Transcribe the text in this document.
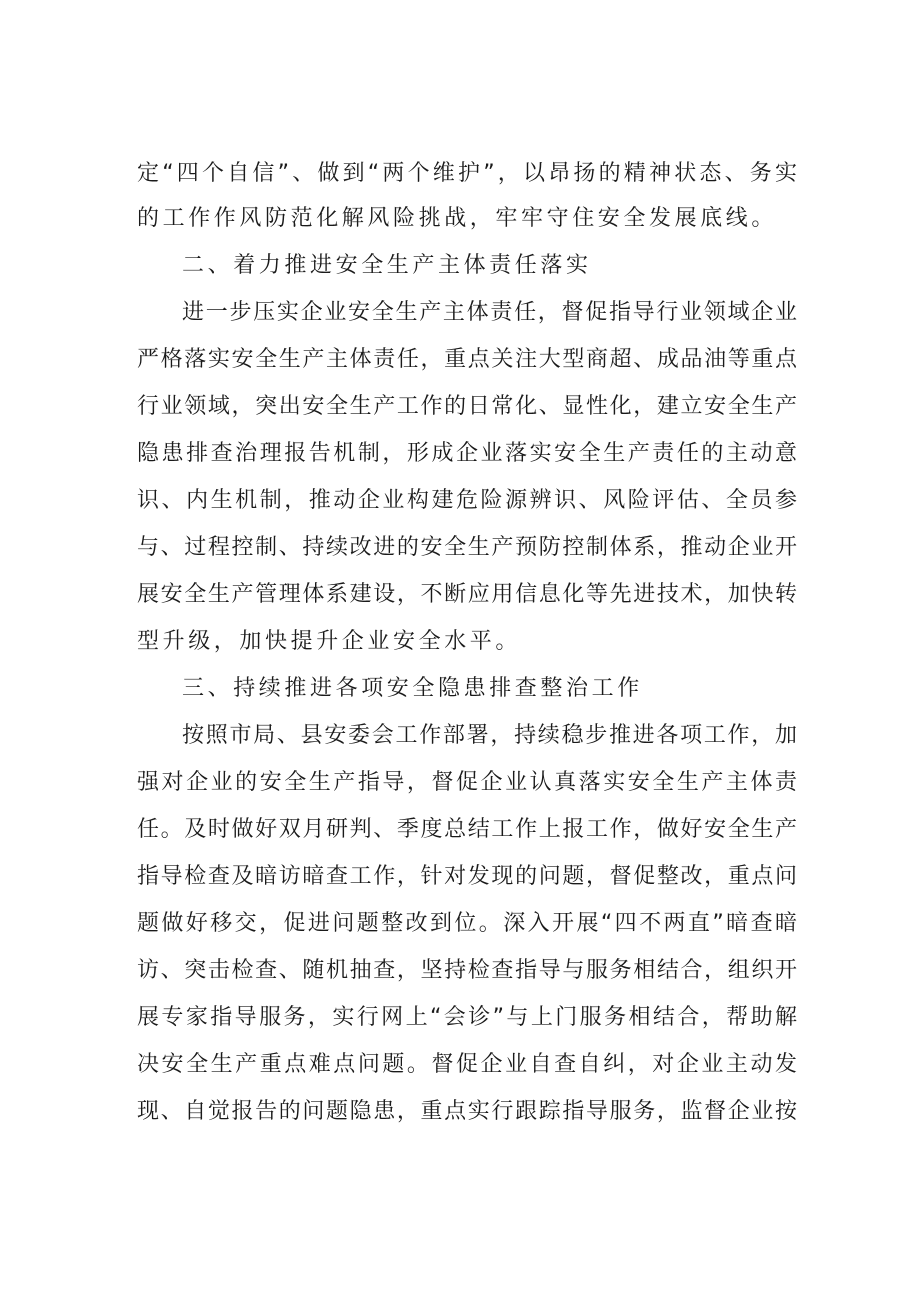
定“四个自信”、做到“两个维护”，以昂扬的精神状态、务实
的工作作风防范化解风险挑战，牢牢守住安全发展底线。
二、着力推进安全生产主体责任落实
进一步压实企业安全生产主体责任，督促指导行业领域企业
严格落实安全生产主体责任，重点关注大型商超、成品油等重点
行业领域，突出安全生产工作的日常化、显性化，建立安全生产
隐患排查治理报告机制，形成企业落实安全生产责任的主动意
识、内生机制，推动企业构建危险源辨识、风险评估、全员参
与、过程控制、持续改进的安全生产预防控制体系，推动企业开
展安全生产管理体系建设，不断应用信息化等先进技术，加快转
型升级，加快提升企业安全水平。
三、持续推进各项安全隐患排查整治工作
按照市局、县安委会工作部署，持续稳步推进各项工作，加
强对企业的安全生产指导，督促企业认真落实安全生产主体责
任。及时做好双月研判、季度总结工作上报工作，做好安全生产
指导检查及暗访暗查工作，针对发现的问题，督促整改，重点问
题做好移交，促进问题整改到位。深入开展“四不两直”暗查暗
访、突击检查、随机抽查，坚持检查指导与服务相结合，组织开
展专家指导服务，实行网上“会诊”与上门服务相结合，帮助解
决安全生产重点难点问题。督促企业自查自纠，对企业主动发
现、自觉报告的问题隐患，重点实行跟踪指导服务，监督企业按
